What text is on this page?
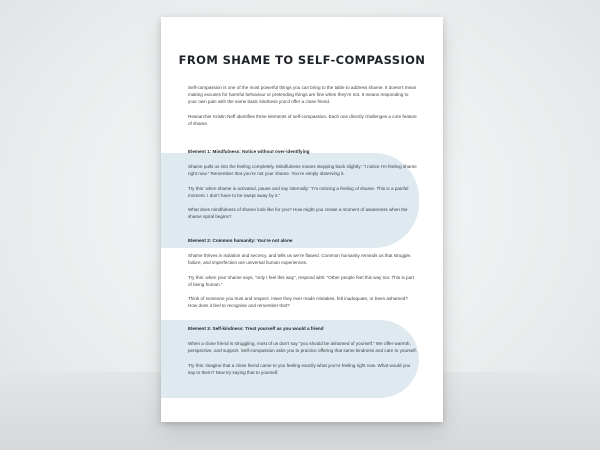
FROM SHAME TO SELF-COMPASSION

Self-compassion is one of the most powerful things you can bring to the table to address shame. It doesn’t mean making excuses for harmful behaviour or pretending things are fine when they’re not. It means responding to your own pain with the same basic kindness you’d offer a close friend.

Researcher Kristin Neff identifies three elements of self-compassion. Each one directly challenges a core feature of shame.

Element 1: Mindfulness: Notice without over-identifying

Shame pulls us into the feeling completely. Mindfulness means stepping back slightly: “I notice I’m feeling shame right now.” Remember that you’re not your shame. You’re simply observing it.

Try this: when shame is activated, pause and say internally: “I’m noticing a feeling of shame. This is a painful moment. I don’t have to be swept away by it.”

What does mindfulness of shame look like for you? How might you create a moment of awareness when the shame spiral begins?

Element 2: Common humanity: You’re not alone

Shame thrives in isolation and secrecy, and tells us we’re flawed. Common humanity reminds us that struggle, failure, and imperfection are universal human experiences.

Try this: when your shame says, “only I feel this way”, respond with: “Other people feel this way too. This is part of being human.”

Think of someone you trust and respect. Have they ever made mistakes, felt inadequate, or been ashamed? How does it feel to recognise and remember that?

Element 3: Self-kindness: Treat yourself as you would a friend

When a close friend is struggling, most of us don’t say “you should be ashamed of yourself.” We offer warmth, perspective, and support. Self-compassion asks you to practice offering that same kindness and care to yourself.

Try this: imagine that a close friend came to you feeling exactly what you’re feeling right now. What would you say to them? Now try saying that to yourself.
